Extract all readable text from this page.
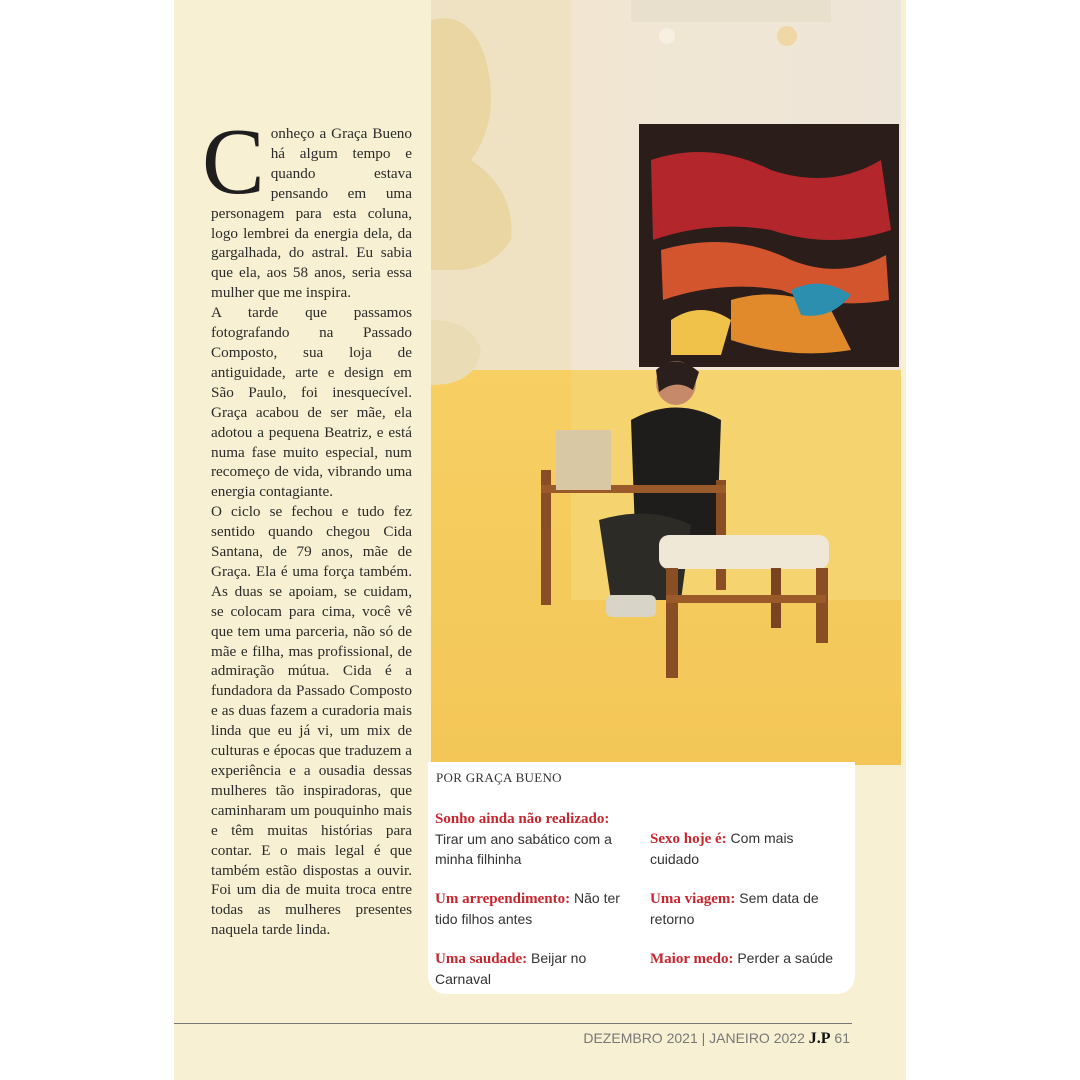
Conheço a Graça Bueno há algum tempo e quando estava pensando em uma personagem para esta coluna, logo lembrei da energia dela, da gargalhada, do astral. Eu sabia que ela, aos 58 anos, seria essa mulher que me inspira.

A tarde que passamos fotografando na Passado Composto, sua loja de antiguidade, arte e design em São Paulo, foi inesquecível. Graça acabou de ser mãe, ela adotou a pequena Beatriz, e está numa fase muito especial, num recomeço de vida, vibrando uma energia contagiante.

O ciclo se fechou e tudo fez sentido quando chegou Cida Santana, de 79 anos, mãe de Graça. Ela é uma força também. As duas se apoiam, se cuidam, se colocam para cima, você vê que tem uma parceria, não só de mãe e filha, mas profissional, de admiração mútua. Cida é a fundadora da Passado Composto e as duas fazem a curadoria mais linda que eu já vi, um mix de culturas e épocas que traduzem a experiência e a ousadia dessas mulheres tão inspiradoras, que caminharam um pouquinho mais e têm muitas histórias para contar. E o mais legal é que também estão dispostas a ouvir. Foi um dia de muita troca entre todas as mulheres presentes naquela tarde linda.

POR GRAÇA BUENO
Sonho ainda não realizado: Tirar um ano sabático com a minha filhinha
Sexo hoje é: Com mais cuidado
Um arrependimento: Não ter tido filhos antes
Uma viagem: Sem data de retorno
Uma saudade: Beijar no Carnaval
Maior medo: Perder a saúde
DEZEMBRO 2021 | JANEIRO 2022 J.P 61
